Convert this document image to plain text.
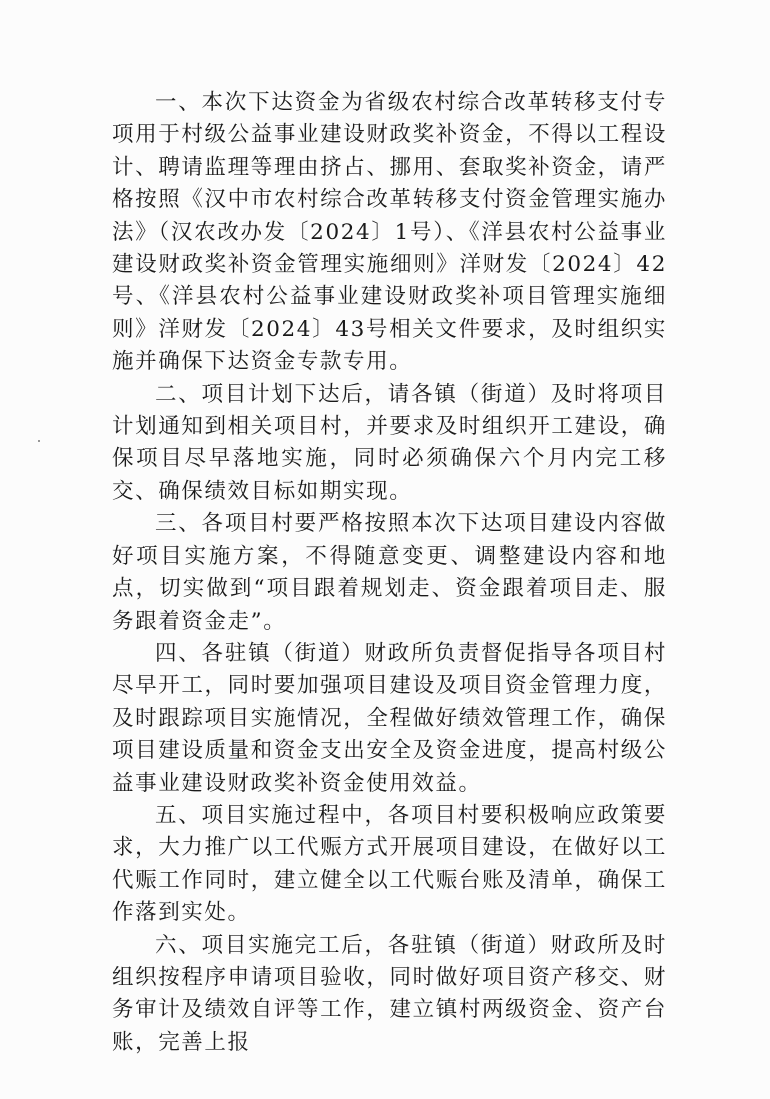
一、本次下达资金为省级农村综合改革转移支付专项用于村级公益事业建设财政奖补资金，不得以工程设计、聘请监理等理由挤占、挪用、套取奖补资金，请严格按照《汉中市农村综合改革转移支付资金管理实施办法》（汉农改办发〔2024〕1号）、《洋县农村公益事业建设财政奖补资金管理实施细则》洋财发〔2024〕42号、《洋县农村公益事业建设财政奖补项目管理实施细则》洋财发〔2024〕43号相关文件要求，及时组织实施并确保下达资金专款专用。

二、项目计划下达后，请各镇（街道）及时将项目计划通知到相关项目村，并要求及时组织开工建设，确保项目尽早落地实施，同时必须确保六个月内完工移交、确保绩效目标如期实现。

三、各项目村要严格按照本次下达项目建设内容做好项目实施方案，不得随意变更、调整建设内容和地点，切实做到“项目跟着规划走、资金跟着项目走、服务跟着资金走”。

四、各驻镇（街道）财政所负责督促指导各项目村尽早开工，同时要加强项目建设及项目资金管理力度，及时跟踪项目实施情况，全程做好绩效管理工作，确保项目建设质量和资金支出安全及资金进度，提高村级公益事业建设财政奖补资金使用效益。

五、项目实施过程中，各项目村要积极响应政策要求，大力推广以工代赈方式开展项目建设，在做好以工代赈工作同时，建立健全以工代赈台账及清单，确保工作落到实处。

六、项目实施完工后，各驻镇（街道）财政所及时组织按程序申请项目验收，同时做好项目资产移交、财务审计及绩效自评等工作，建立镇村两级资金、资产台账，完善上报
